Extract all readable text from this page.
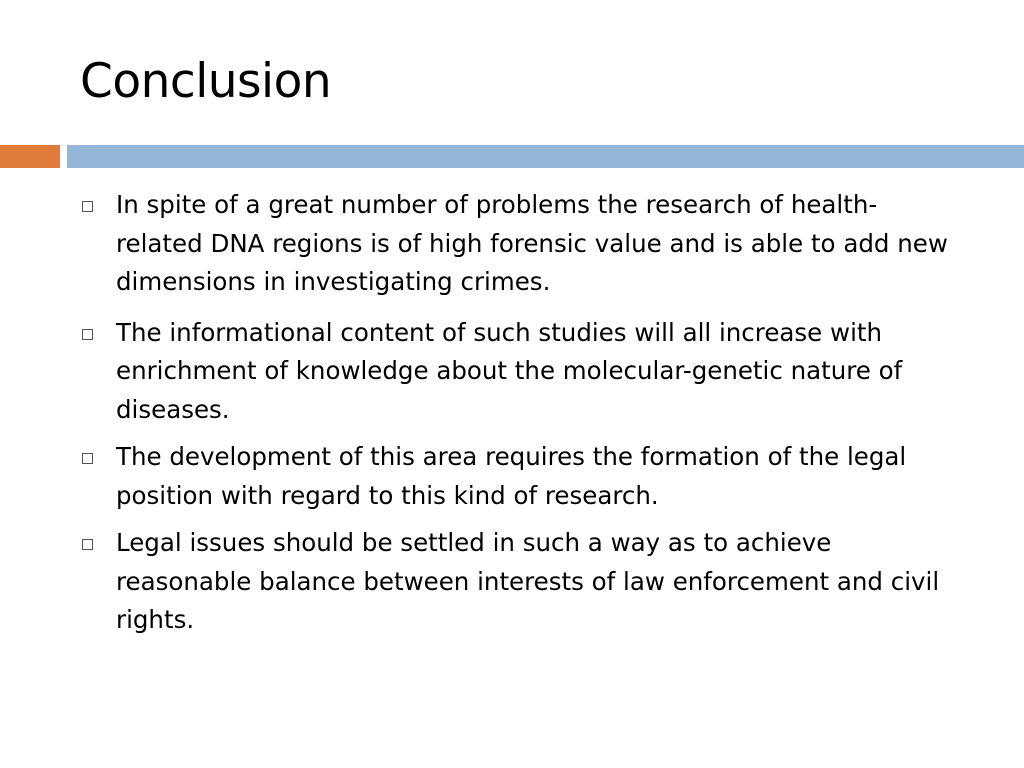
Conclusion
In spite of a great number of problems the research of health-related DNA regions is of high forensic value and is able to add new dimensions in investigating crimes.
The informational content of such studies will all increase with enrichment of knowledge about the molecular-genetic nature of diseases.
The development of this area requires the formation of the legal position with regard to this kind of research.
Legal issues should be settled in such a way as to achieve reasonable balance between interests of law enforcement and civil rights.
